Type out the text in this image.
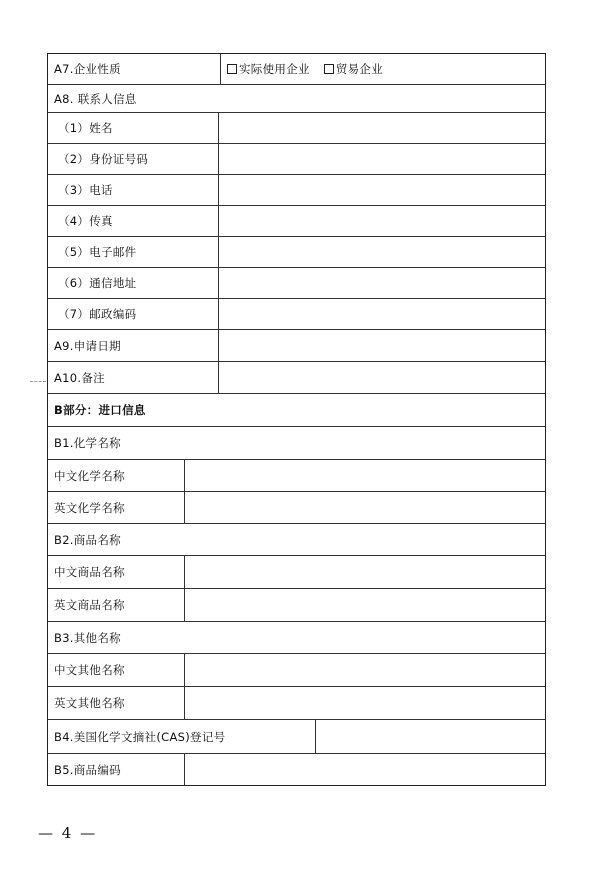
A7.企业性质	实际使用企业	贸易企业
A8. 联系人信息
（1）姓名
（2）身份证号码
（3）电话
（4）传真
（5）电子邮件
（6）通信地址
（7）邮政编码
A9.申请日期
A10.备注
B部分：进口信息
B1.化学名称
中文化学名称
英文化学名称
B2.商品名称
中文商品名称
英文商品名称
B3.其他名称
中文其他名称
英文其他名称
B4.美国化学文摘社(CAS)登记号
B5.商品编码
— 4 —
